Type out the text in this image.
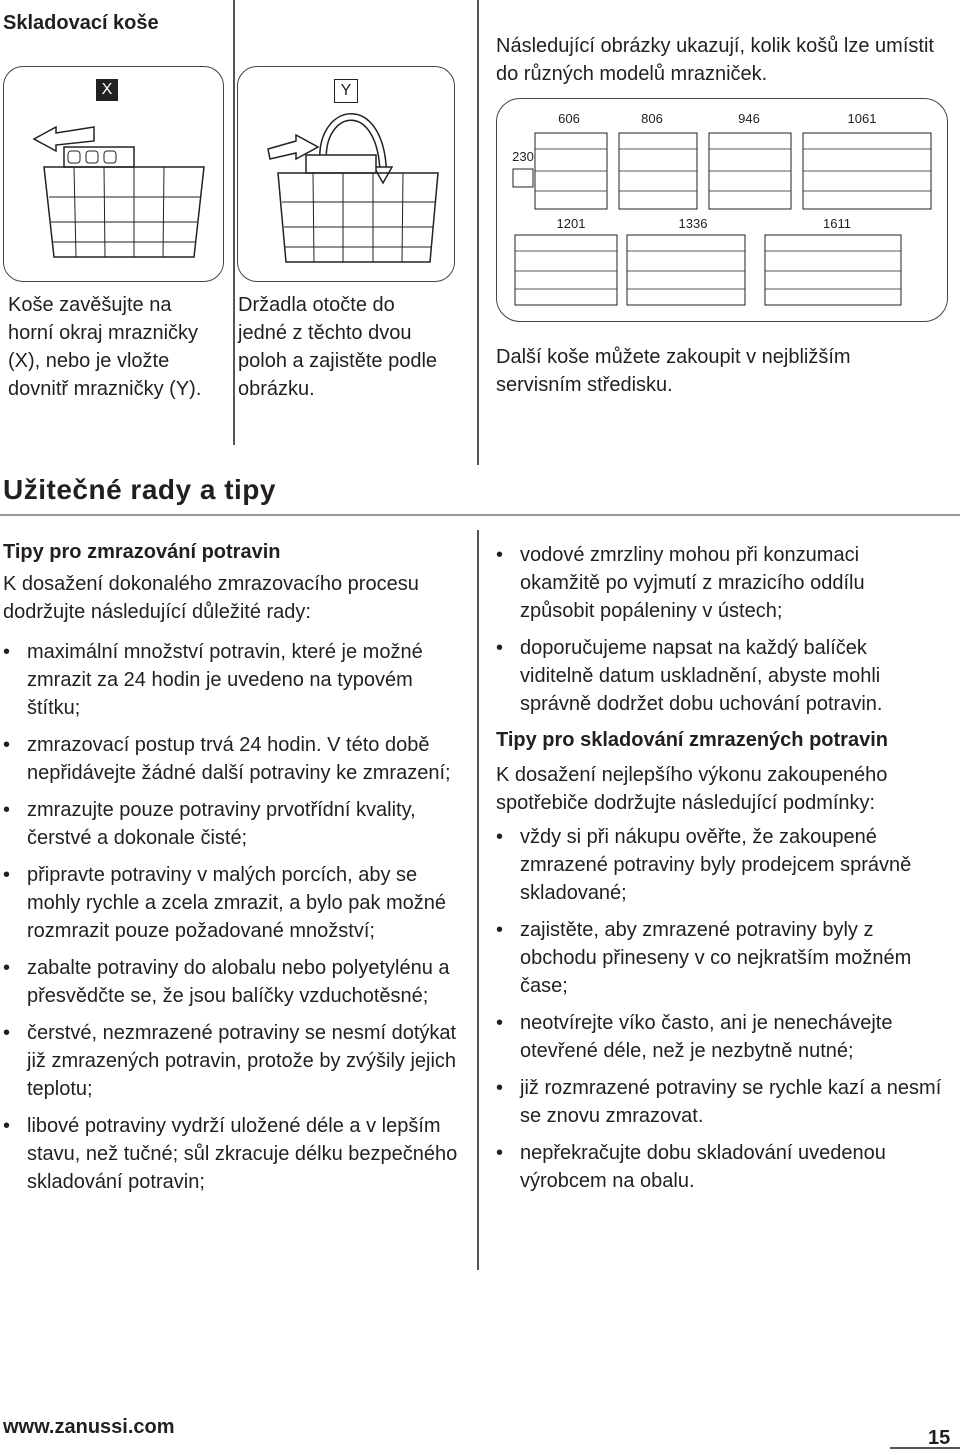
Skladovací koše
X	Y
Koše zavěšujte na horní okraj mrazničky (X), nebo je vložte dovnitř mrazničky (Y).
Držadla otočte do jedné z těchto dvou poloh a zajistěte podle obrázku.
Následující obrázky ukazují, kolik košů lze umístit do různých modelů mrazniček.
230
606	806	946	1061
1201	1336	1611
Další koše můžete zakoupit v nejbližším servisním středisku.
Užitečné rady a tipy
Tipy pro zmrazování potravin

K dosažení dokonalého zmrazovacího procesu dodržujte následující důležité rady:

• maximální množství potravin, které je možné zmrazit za 24 hodin je uvedeno na typovém štítku;
• zmrazovací postup trvá 24 hodin. V této době nepřidávejte žádné další potraviny ke zmrazení;
• zmrazujte pouze potraviny prvotřídní kvality, čerstvé a dokonale čisté;
• připravte potraviny v malých porcích, aby se mohly rychle a zcela zmrazit, a bylo pak možné rozmrazit pouze požadované množství;
• zabalte potraviny do alobalu nebo polyetylénu a přesvědčte se, že jsou balíčky vzduchotěsné;
• čerstvé, nezmrazené potraviny se nesmí dotýkat již zmrazených potravin, protože by zvýšily jejich teplotu;
• libové potraviny vydrží uložené déle a v lepším stavu, než tučné; sůl zkracuje délku bezpečného skladování potravin;
• vodové zmrzliny mohou při konzumaci okamžitě po vyjmutí z mrazicího oddílu způsobit popáleniny v ústech;
• doporučujeme napsat na každý balíček viditelně datum uskladnění, abyste mohli správně dodržet dobu uchování potravin.
Tipy pro skladování zmrazených potravin

K dosažení nejlepšího výkonu zakoupeného spotřebiče dodržujte následující podmínky:

• vždy si při nákupu ověřte, že zakoupené zmrazené potraviny byly prodejcem správně skladované;
• zajistěte, aby zmrazené potraviny byly z obchodu přineseny v co nejkratším možném čase;
• neotvírejte víko často, ani je nenechávejte otevřené déle, než je nezbytně nutné;
• již rozmrazené potraviny se rychle kazí a nesmí se znovu zmrazovat.
• nepřekračujte dobu skladování uvedenou výrobcem na obalu.
www.zanussi.com	15
